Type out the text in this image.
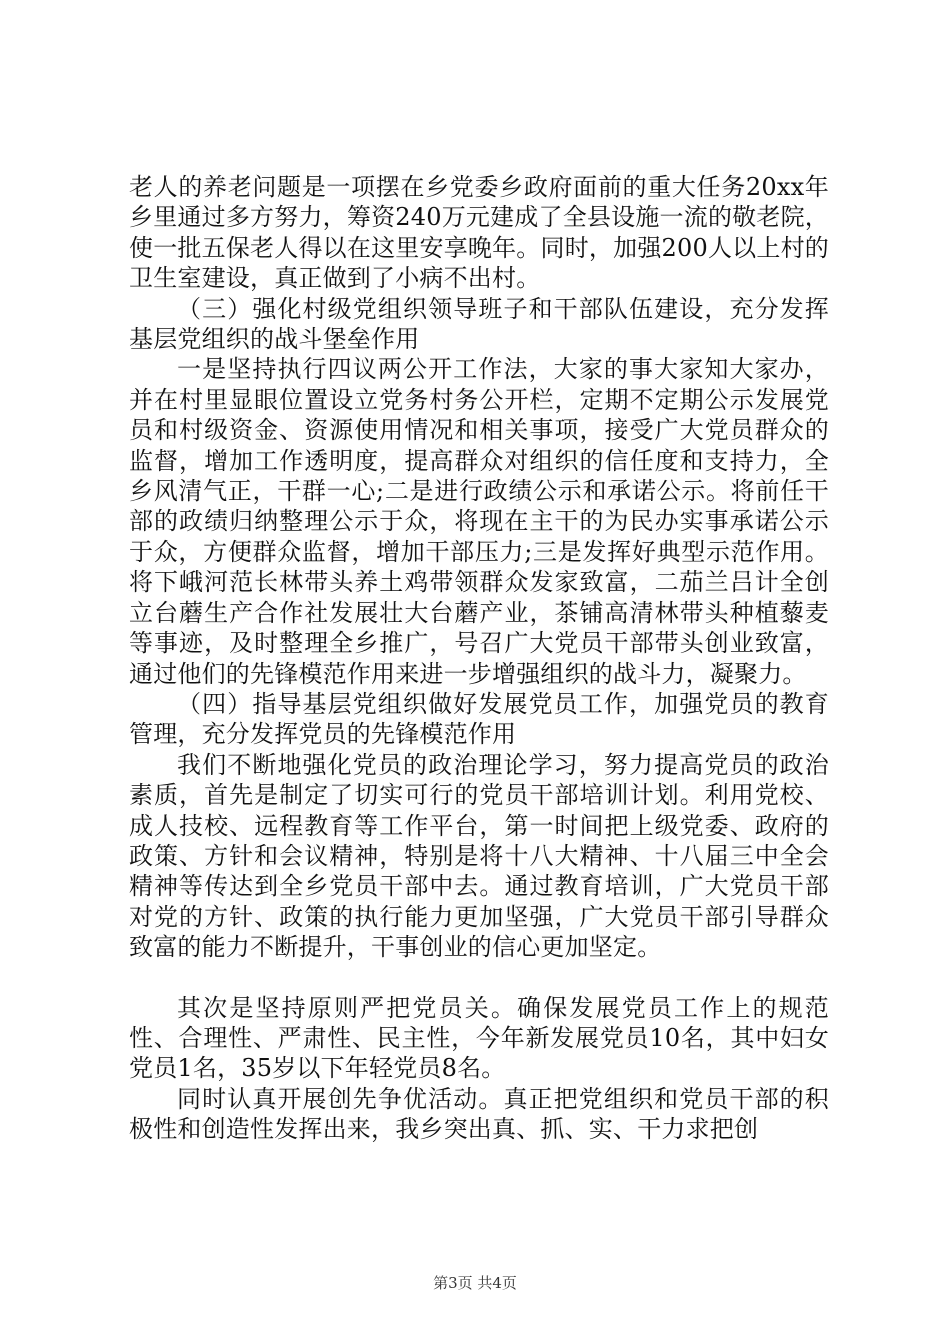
老人的养老问题是一项摆在乡党委乡政府面前的重大任务20xx年乡里通过多方努力，筹资240万元建成了全县设施一流的敬老院，使一批五保老人得以在这里安享晚年。同时，加强200人以上村的卫生室建设，真正做到了小病不出村。

（三）强化村级党组织领导班子和干部队伍建设，充分发挥基层党组织的战斗堡垒作用

一是坚持执行四议两公开工作法，大家的事大家知大家办，并在村里显眼位置设立党务村务公开栏，定期不定期公示发展党员和村级资金、资源使用情况和相关事项，接受广大党员群众的监督，增加工作透明度，提高群众对组织的信任度和支持力，全乡风清气正，干群一心;二是进行政绩公示和承诺公示。将前任干部的政绩归纳整理公示于众，将现在主干的为民办实事承诺公示于众，方便群众监督，增加干部压力;三是发挥好典型示范作用。将下峨河范长林带头养土鸡带领群众发家致富，二茄兰吕计全创立台蘑生产合作社发展壮大台蘑产业，茶铺高清林带头种植藜麦等事迹，及时整理全乡推广，号召广大党员干部带头创业致富，通过他们的先锋模范作用来进一步增强组织的战斗力，凝聚力。

（四）指导基层党组织做好发展党员工作，加强党员的教育管理，充分发挥党员的先锋模范作用

我们不断地强化党员的政治理论学习，努力提高党员的政治素质，首先是制定了切实可行的党员干部培训计划。利用党校、成人技校、远程教育等工作平台，第一时间把上级党委、政府的政策、方针和会议精神，特别是将十八大精神、十八届三中全会精神等传达到全乡党员干部中去。通过教育培训，广大党员干部对党的方针、政策的执行能力更加坚强，广大党员干部引导群众致富的能力不断提升，干事创业的信心更加坚定。

其次是坚持原则严把党员关。确保发展党员工作上的规范性、合理性、严肃性、民主性，今年新发展党员10名，其中妇女党员1名，35岁以下年轻党员8名。

同时认真开展创先争优活动。真正把党组织和党员干部的积极性和创造性发挥出来，我乡突出真、抓、实、干力求把创

第3页 共4页
